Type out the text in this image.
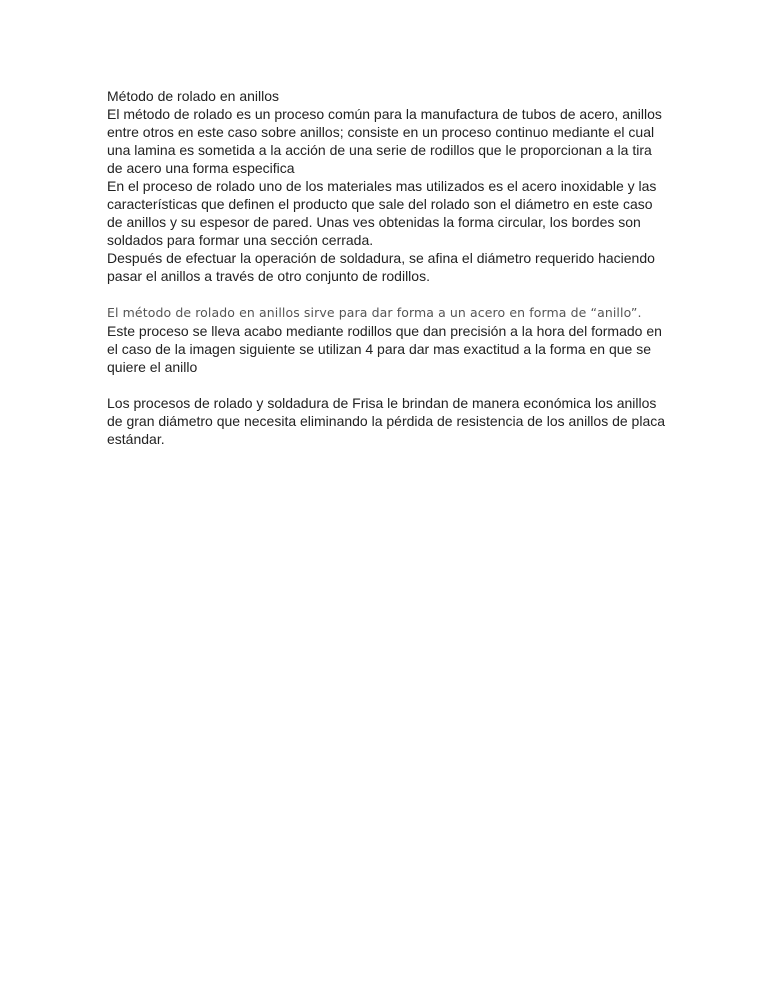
Método de rolado en anillos

El método de rolado es un proceso común para la manufactura de tubos de acero, anillos entre otros en este caso sobre anillos; consiste en un proceso continuo mediante el cual una lamina es sometida a la acción de una serie de rodillos que le proporcionan a la tira de acero una forma especifica

En el proceso de rolado uno de los materiales mas utilizados es el acero inoxidable y las características que definen el producto que sale del rolado son el diámetro en este caso de anillos y su espesor de pared. Unas ves obtenidas la forma circular, los bordes son soldados para formar una sección cerrada.

Después de efectuar la operación de soldadura, se afina el diámetro requerido haciendo pasar el anillos a través de otro conjunto de rodillos.

El método de rolado en anillos sirve para dar forma a un acero en forma de “anillo”. Este proceso se lleva acabo mediante rodillos que dan precisión a la hora del formado en el caso de la imagen siguiente se utilizan 4 para dar mas exactitud a la forma en que se quiere el anillo

Los procesos de rolado y soldadura de Frisa le brindan de manera económica los anillos de gran diámetro que necesita eliminando la pérdida de resistencia de los anillos de placa estándar.
